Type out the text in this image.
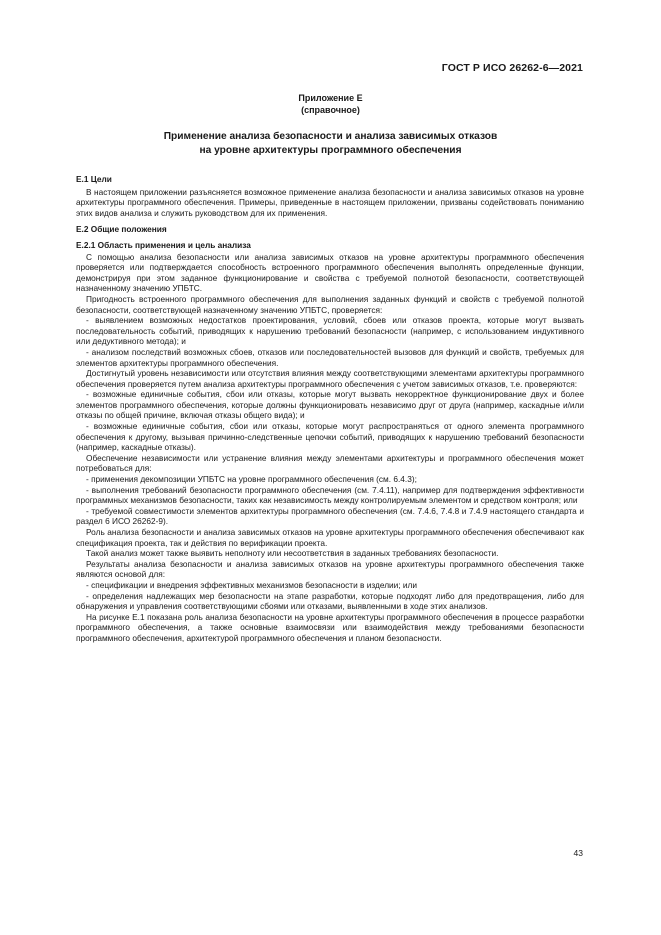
ГОСТ Р ИСО 26262-6—2021
Приложение Е
(справочное)
Применение анализа безопасности и анализа зависимых отказов
на уровне архитектуры программного обеспечения
Е.1 Цели

В настоящем приложении разъясняется возможное применение анализа безопасности и анализа зависимых отказов на уровне архитектуры программного обеспечения. Примеры, приведенные в настоящем приложении, призваны содействовать пониманию этих видов анализа и служить руководством для их применения.

Е.2 Общие положения
Е.2.1 Область применения и цель анализа

С помощью анализа безопасности или анализа зависимых отказов на уровне архитектуры программного обеспечения проверяется или подтверждается способность встроенного программного обеспечения выполнять определенные функции, демонстрируя при этом заданное функционирование и свойства с требуемой полнотой безопасности, соответствующей назначенному значению УПБТС.

Пригодность встроенного программного обеспечения для выполнения заданных функций и свойств с требуемой полнотой безопасности, соответствующей назначенному значению УПБТС, проверяется:

- выявлением возможных недостатков проектирования, условий, сбоев или отказов проекта, которые могут вызвать последовательность событий, приводящих к нарушению требований безопасности (например, с использованием индуктивного или дедуктивного метода); и

- анализом последствий возможных сбоев, отказов или последовательностей вызовов для функций и свойств, требуемых для элементов архитектуры программного обеспечения.

Достигнутый уровень независимости или отсутствия влияния между соответствующими элементами архитектуры программного обеспечения проверяется путем анализа архитектуры программного обеспечения с учетом зависимых отказов, т.е. проверяются:

- возможные единичные события, сбои или отказы, которые могут вызвать некорректное функционирование двух и более элементов программного обеспечения, которые должны функционировать независимо друг от друга (например, каскадные и/или отказы по общей причине, включая отказы общего вида); и

- возможные единичные события, сбои или отказы, которые могут распространяться от одного элемента программного обеспечения к другому, вызывая причинно-следственные цепочки событий, приводящих к нарушению требований безопасности (например, каскадные отказы).

Обеспечение независимости или устранение влияния между элементами архитектуры и программного обеспечения может потребоваться для:

- применения декомпозиции УПБТС на уровне программного обеспечения (см. 6.4.3);

- выполнения требований безопасности программного обеспечения (см. 7.4.11), например для подтверждения эффективности программных механизмов безопасности, таких как независимость между контролируемым элементом и средством контроля; или

- требуемой совместимости элементов архитектуры программного обеспечения (см. 7.4.6, 7.4.8 и 7.4.9 настоящего стандарта и раздел 6 ИСО 26262-9).

Роль анализа безопасности и анализа зависимых отказов на уровне архитектуры программного обеспечения обеспечивают как спецификация проекта, так и действия по верификации проекта.

Такой анализ может также выявить неполноту или несоответствия в заданных требованиях безопасности.

Результаты анализа безопасности и анализа зависимых отказов на уровне архитектуры программного обеспечения также являются основой для:

- спецификации и внедрения эффективных механизмов безопасности в изделии; или

- определения надлежащих мер безопасности на этапе разработки, которые подходят либо для предотвращения, либо для обнаружения и управления соответствующими сбоями или отказами, выявленными в ходе этих анализов.

На рисунке Е.1 показана роль анализа безопасности на уровне архитектуры программного обеспечения в процессе разработки программного обеспечения, а также основные взаимосвязи или взаимодействия между требованиями безопасности программного обеспечения, архитектурой программного обеспечения и планом безопасности.

43
